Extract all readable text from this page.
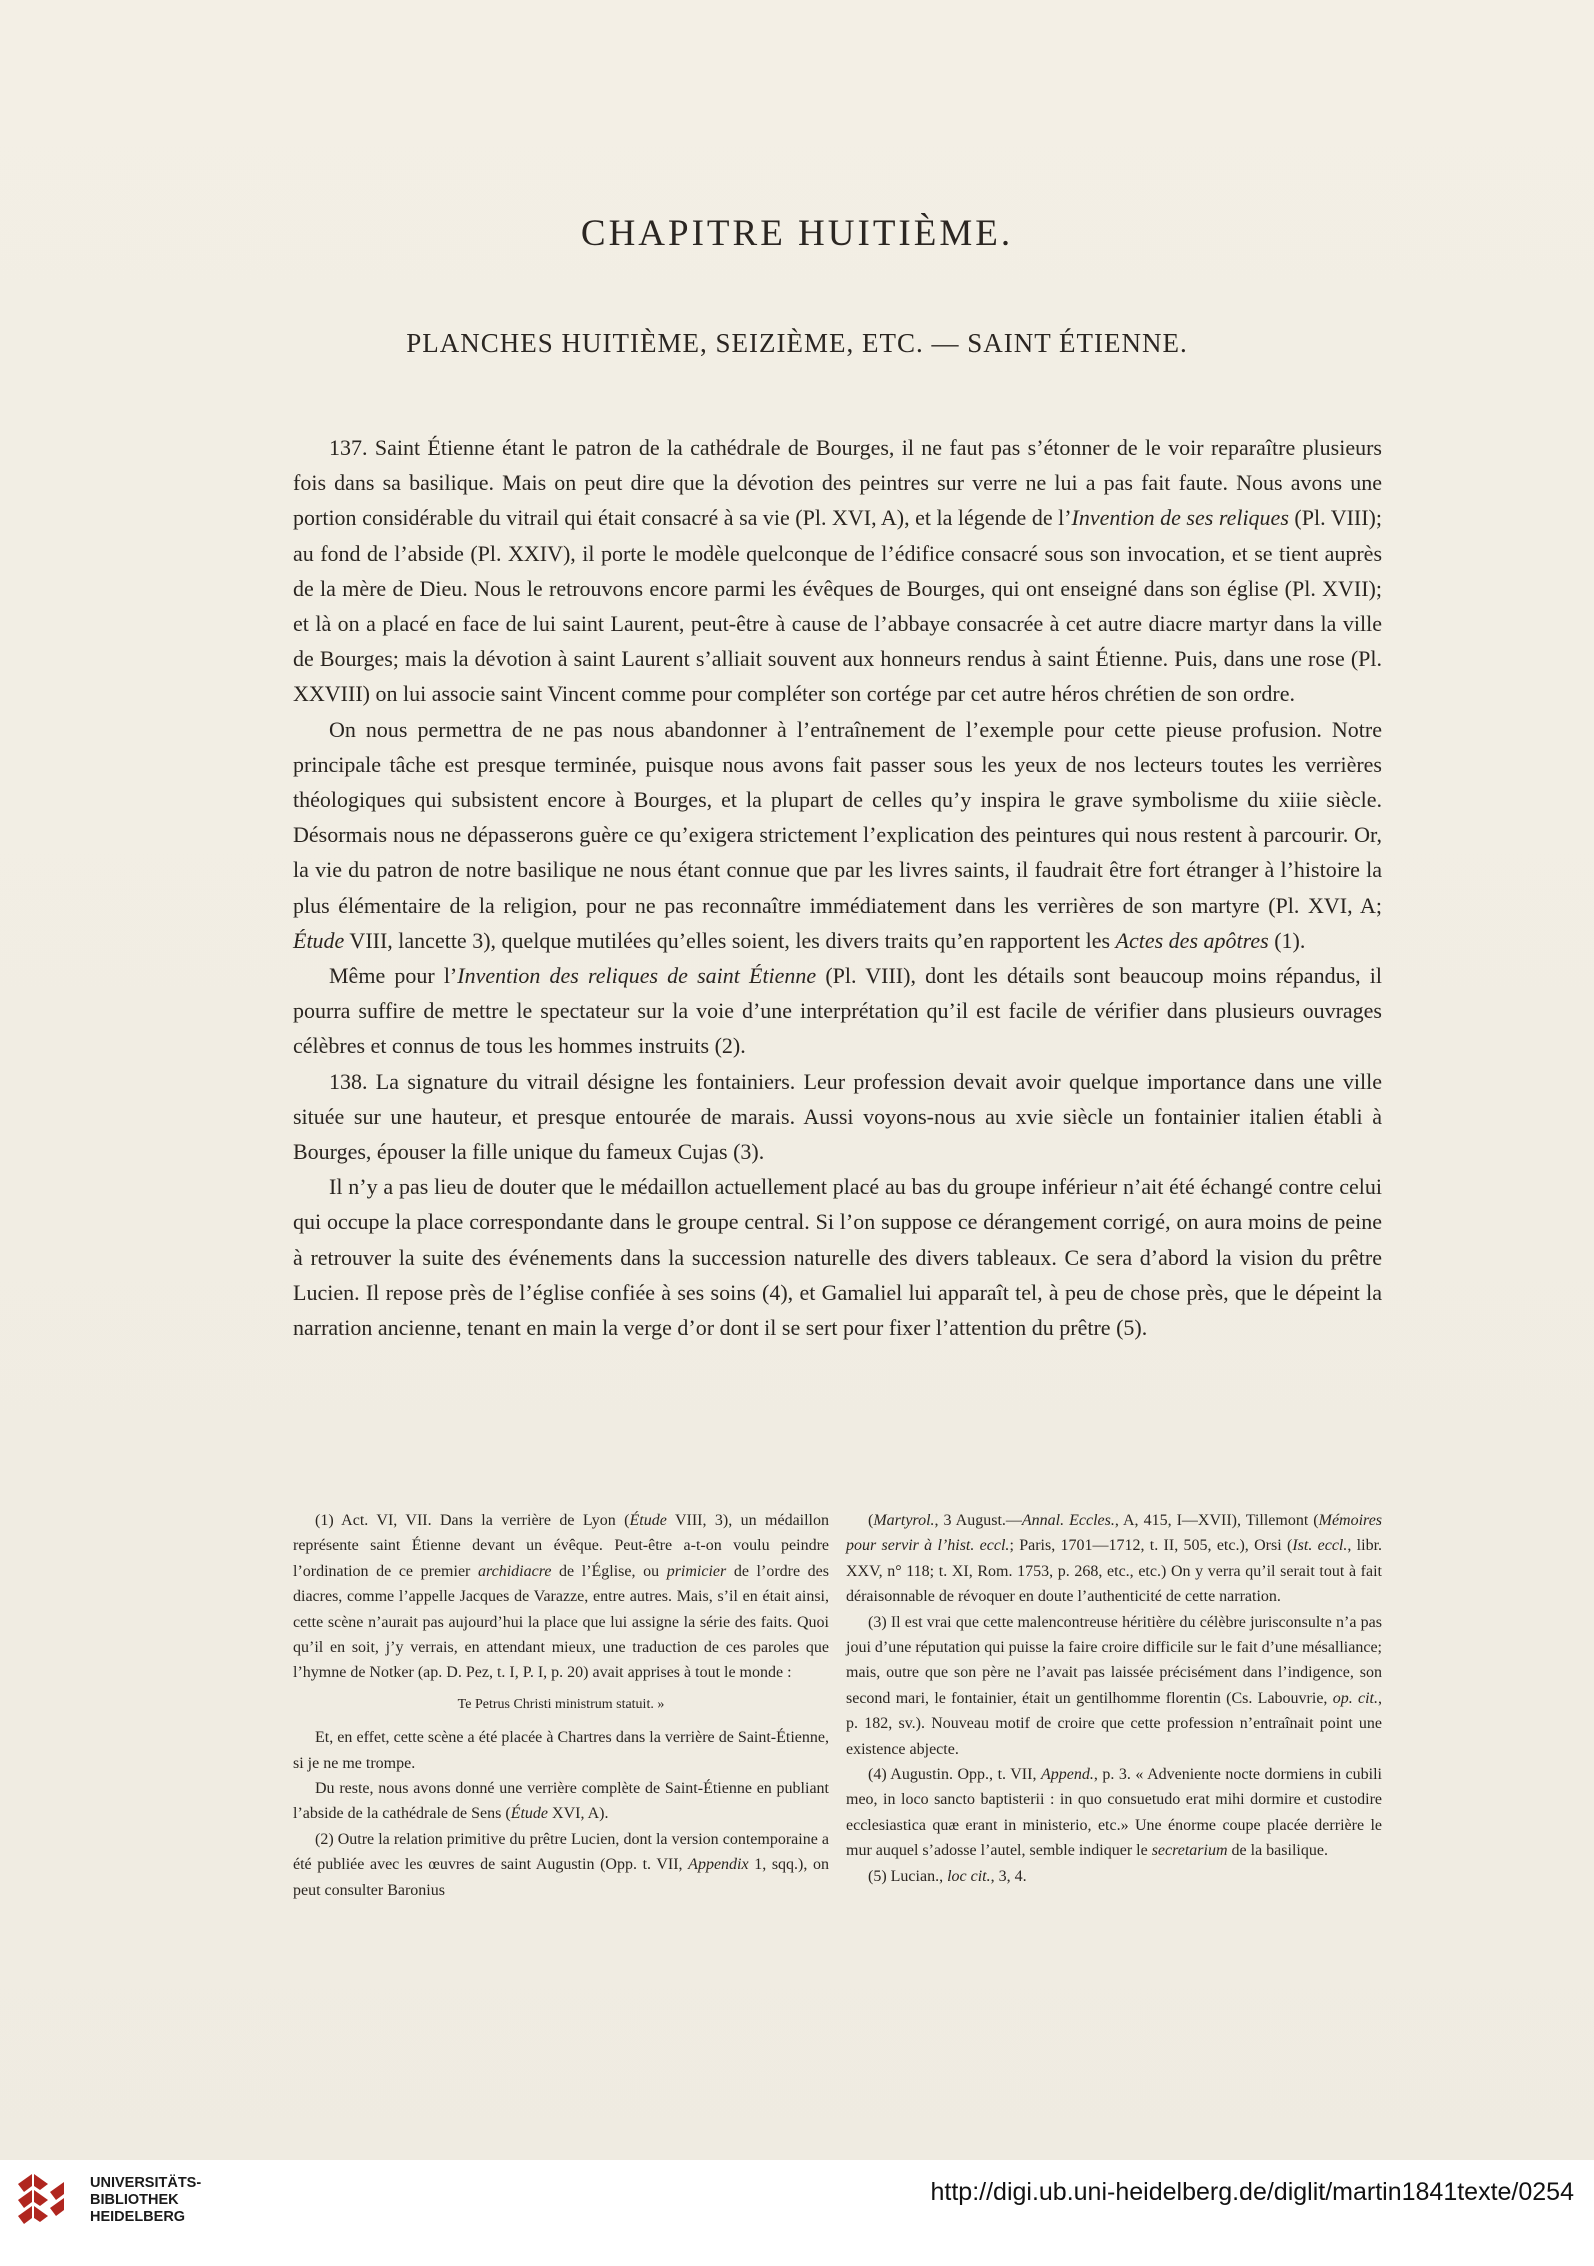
CHAPITRE HUITIÈME.
PLANCHES HUITIÈME, SEIZIÈME, ETC. — SAINT ÉTIENNE.

137. Saint Étienne étant le patron de la cathédrale de Bourges, il ne faut pas s’étonner de le voir reparaître plusieurs fois dans sa basilique. Mais on peut dire que la dévotion des peintres sur verre ne lui a pas fait faute. Nous avons une portion considérable du vitrail qui était consacré à sa vie (Pl. XVI, A), et la légende de l’Invention de ses reliques (Pl. VIII); au fond de l’abside (Pl. XXIV), il porte le modèle quelconque de l’édifice consacré sous son invocation, et se tient auprès de la mère de Dieu. Nous le retrouvons encore parmi les évêques de Bourges, qui ont enseigné dans son église (Pl. XVII); et là on a placé en face de lui saint Laurent, peut-être à cause de l’abbaye consacrée à cet autre diacre martyr dans la ville de Bourges; mais la dévotion à saint Laurent s’alliait souvent aux honneurs rendus à saint Étienne. Puis, dans une rose (Pl. XXVIII) on lui associe saint Vincent comme pour compléter son cortége par cet autre héros chrétien de son ordre.

On nous permettra de ne pas nous abandonner à l’entraînement de l’exemple pour cette pieuse profusion. Notre principale tâche est presque terminée, puisque nous avons fait passer sous les yeux de nos lecteurs toutes les verrières théologiques qui subsistent encore à Bourges, et la plupart de celles qu’y inspira le grave symbolisme du xiiie siècle. Désormais nous ne dépasserons guère ce qu’exigera strictement l’explication des peintures qui nous restent à parcourir. Or, la vie du patron de notre basilique ne nous étant connue que par les livres saints, il faudrait être fort étranger à l’histoire la plus élémentaire de la religion, pour ne pas reconnaître immédiatement dans les verrières de son martyre (Pl. XVI, A; Étude VIII, lancette 3), quelque mutilées qu’elles soient, les divers traits qu’en rapportent les Actes des apôtres (1).

Même pour l’Invention des reliques de saint Étienne (Pl. VIII), dont les détails sont beaucoup moins répandus, il pourra suffire de mettre le spectateur sur la voie d’une interprétation qu’il est facile de vérifier dans plusieurs ouvrages célèbres et connus de tous les hommes instruits (2).

138. La signature du vitrail désigne les fontainiers. Leur profession devait avoir quelque importance dans une ville située sur une hauteur, et presque entourée de marais. Aussi voyons-nous au xvie siècle un fontainier italien établi à Bourges, épouser la fille unique du fameux Cujas (3).

Il n’y a pas lieu de douter que le médaillon actuellement placé au bas du groupe inférieur n’ait été échangé contre celui qui occupe la place correspondante dans le groupe central. Si l’on suppose ce dérangement corrigé, on aura moins de peine à retrouver la suite des événements dans la succession naturelle des divers tableaux. Ce sera d’abord la vision du prêtre Lucien. Il repose près de l’église confiée à ses soins (4), et Gamaliel lui apparaît tel, à peu de chose près, que le dépeint la narration ancienne, tenant en main la verge d’or dont il se sert pour fixer l’attention du prêtre (5).

(1) Act. VI, VII. Dans la verrière de Lyon (Étude VIII, 3), un médaillon représente saint Étienne devant un évêque. Peut-être a-t-on voulu peindre l’ordination de ce premier archidiacre de l’Église, ou primicier de l’ordre des diacres, comme l’appelle Jacques de Varazze, entre autres. Mais, s’il en était ainsi, cette scène n’aurait pas aujourd’hui la place que lui assigne la série des faits. Quoi qu’il en soit, j’y verrais, en attendant mieux, une traduction de ces paroles que l’hymne de Notker (ap. D. Pez, t. I, P. I, p. 20) avait apprises à tout le monde :

Te Petrus Christi ministrum statuit. »

Et, en effet, cette scène a été placée à Chartres dans la verrière de Saint-Étienne, si je ne me trompe.

Du reste, nous avons donné une verrière complète de Saint-Étienne en publiant l’abside de la cathédrale de Sens (Étude XVI, A).

(2) Outre la relation primitive du prêtre Lucien, dont la version contemporaine a été publiée avec les œuvres de saint Augustin (Opp. t. VII, Appendix 1, sqq.), on peut consulter Baronius

(Martyrol., 3 August.—Annal. Eccles., A, 415, I—XVII), Tillemont (Mémoires pour servir à l’hist. eccl.; Paris, 1701—1712, t. II, 505, etc.), Orsi (Ist. eccl., libr. XXV, n° 118; t. XI, Rom. 1753, p. 268, etc., etc.) On y verra qu’il serait tout à fait déraisonnable de révoquer en doute l’authenticité de cette narration.

(3) Il est vrai que cette malencontreuse héritière du célèbre jurisconsulte n’a pas joui d’une réputation qui puisse la faire croire difficile sur le fait d’une mésalliance; mais, outre que son père ne l’avait pas laissée précisément dans l’indigence, son second mari, le fontainier, était un gentilhomme florentin (Cs. Labouvrie, op. cit., p. 182, sv.). Nouveau motif de croire que cette profession n’entraînait point une existence abjecte.

(4) Augustin. Opp., t. VII, Append., p. 3. « Adveniente nocte dormiens in cubili meo, in loco sancto baptisterii : in quo consuetudo erat mihi dormire et custodire ecclesiastica quæ erant in ministerio, etc.» Une énorme coupe placée derrière le mur auquel s’adosse l’autel, semble indiquer le secretarium de la basilique.

(5) Lucian., loc cit., 3, 4.

UNIVERSITÄTS-
BIBLIOTHEK
HEIDELBERG
http://digi.ub.uni-heidelberg.de/diglit/martin1841texte/0254
